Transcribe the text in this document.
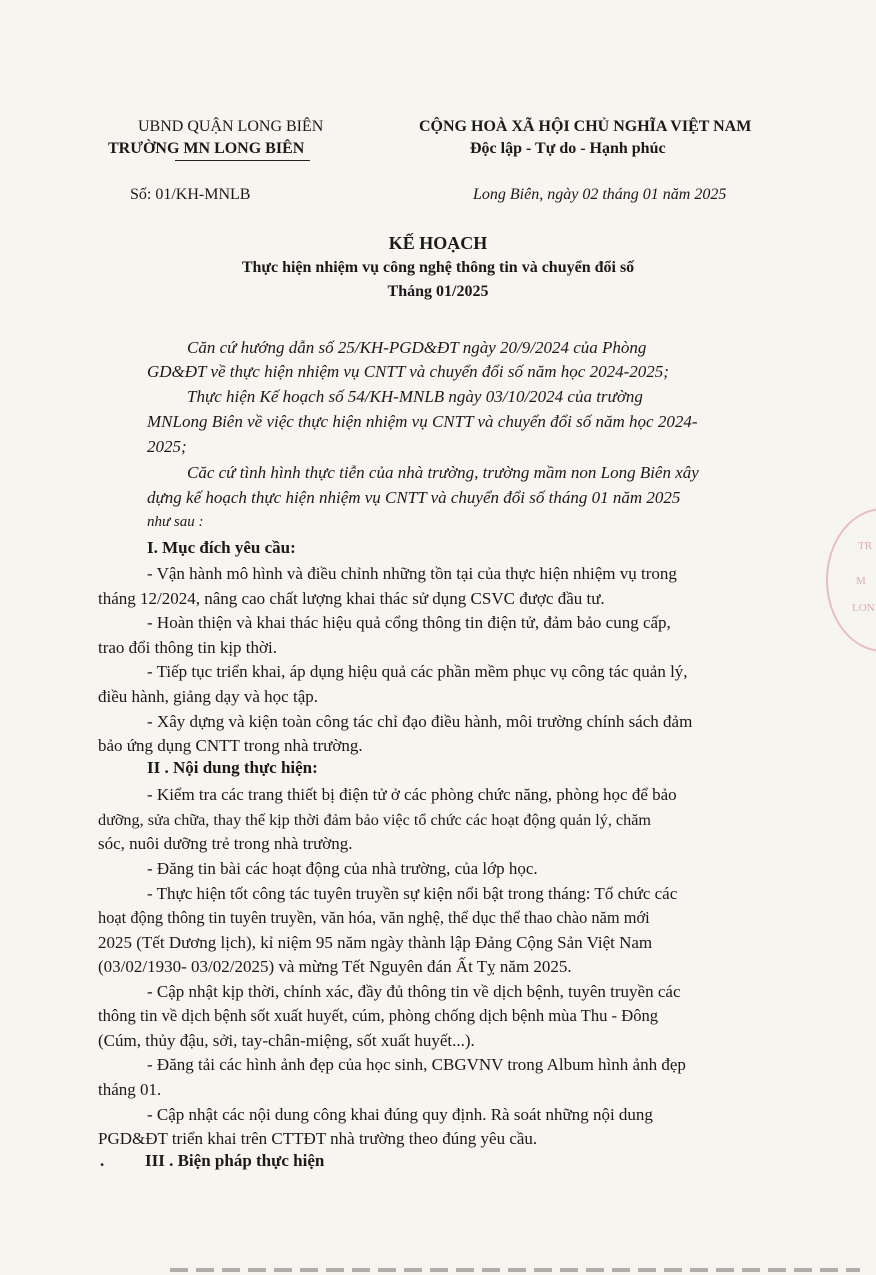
UBND QUẬN LONG BIÊN
TRƯỜNG MN LONG BIÊN
CỘNG HOÀ XÃ HỘI CHỦ NGHĨA VIỆT NAM
Độc lập - Tự do - Hạnh phúc
Số: 01/KH-MNLB	Long Biên, ngày 02 tháng 01 năm 2025
KẾ HOẠCH
Thực hiện nhiệm vụ công nghệ thông tin và chuyển đổi số
Tháng 01/2025
Căn cứ hướng dẫn số 25/KH-PGD&ĐT ngày 20/9/2024 của Phòng
GD&ĐT về thực hiện nhiệm vụ CNTT và chuyển đổi số năm học 2024-2025;
Thực hiện Kế hoạch số 54/KH-MNLB ngày 03/10/2024 của trường
MNLong Biên về việc thực hiện nhiệm vụ CNTT và chuyển đổi số năm học 2024-
2025;
Căc cứ tình hình thực tiễn của nhà trường, trường mầm non Long Biên xây
dựng kế hoạch thực hiện nhiệm vụ CNTT và chuyển đổi số tháng 01 năm 2025
như sau :
I. Mục đích yêu cầu:
- Vận hành mô hình và điều chỉnh những tồn tại của thực hiện nhiệm vụ trong
tháng 12/2024, nâng cao chất lượng khai thác sử dụng CSVC được đầu tư.
- Hoàn thiện và khai thác hiệu quả cổng thông tin điện tử, đảm bảo cung cấp,
trao đổi thông tin kịp thời.
- Tiếp tục triển khai, áp dụng hiệu quả các phần mềm phục vụ công tác quản lý,
điều hành, giảng dạy và học tập.
- Xây dựng và kiện toàn công tác chỉ đạo điều hành, môi trường chính sách đảm
bảo ứng dụng CNTT trong nhà trường.
II . Nội dung thực hiện:
- Kiểm tra các trang thiết bị điện tử ở các phòng chức năng, phòng học để bảo
dưỡng, sửa chữa, thay thế kịp thời đảm bảo việc tổ chức các hoạt động quản lý, chăm
sóc, nuôi dưỡng trẻ trong nhà trường.
- Đăng tin bài các hoạt động của nhà trường, của lớp học.
- Thực hiện tốt công tác tuyên truyền sự kiện nổi bật trong tháng: Tổ chức các
hoạt động thông tin tuyên truyền, văn hóa, văn nghệ, thể dục thể thao chào năm mới
2025 (Tết Dương lịch), kỉ niệm 95 năm ngày thành lập Đảng Cộng Sản Việt Nam
(03/02/1930- 03/02/2025) và mừng Tết Nguyên đán Ất Tỵ năm 2025.
- Cập nhật kịp thời, chính xác, đầy đủ thông tin về dịch bệnh, tuyên truyền các
thông tin về dịch bệnh sốt xuất huyết, cúm, phòng chống dịch bệnh mùa Thu - Đông
(Cúm, thủy đậu, sởi, tay-chân-miệng, sốt xuất huyết...).
- Đăng tải các hình ảnh đẹp của học sinh, CBGVNV trong Album hình ảnh đẹp
tháng 01.
- Cập nhật các nội dung công khai đúng quy định. Rà soát những nội dung
PGD&ĐT triển khai trên CTTĐT nhà trường theo đúng yêu cầu.
. III . Biện pháp thực hiện
TR
M
LON
